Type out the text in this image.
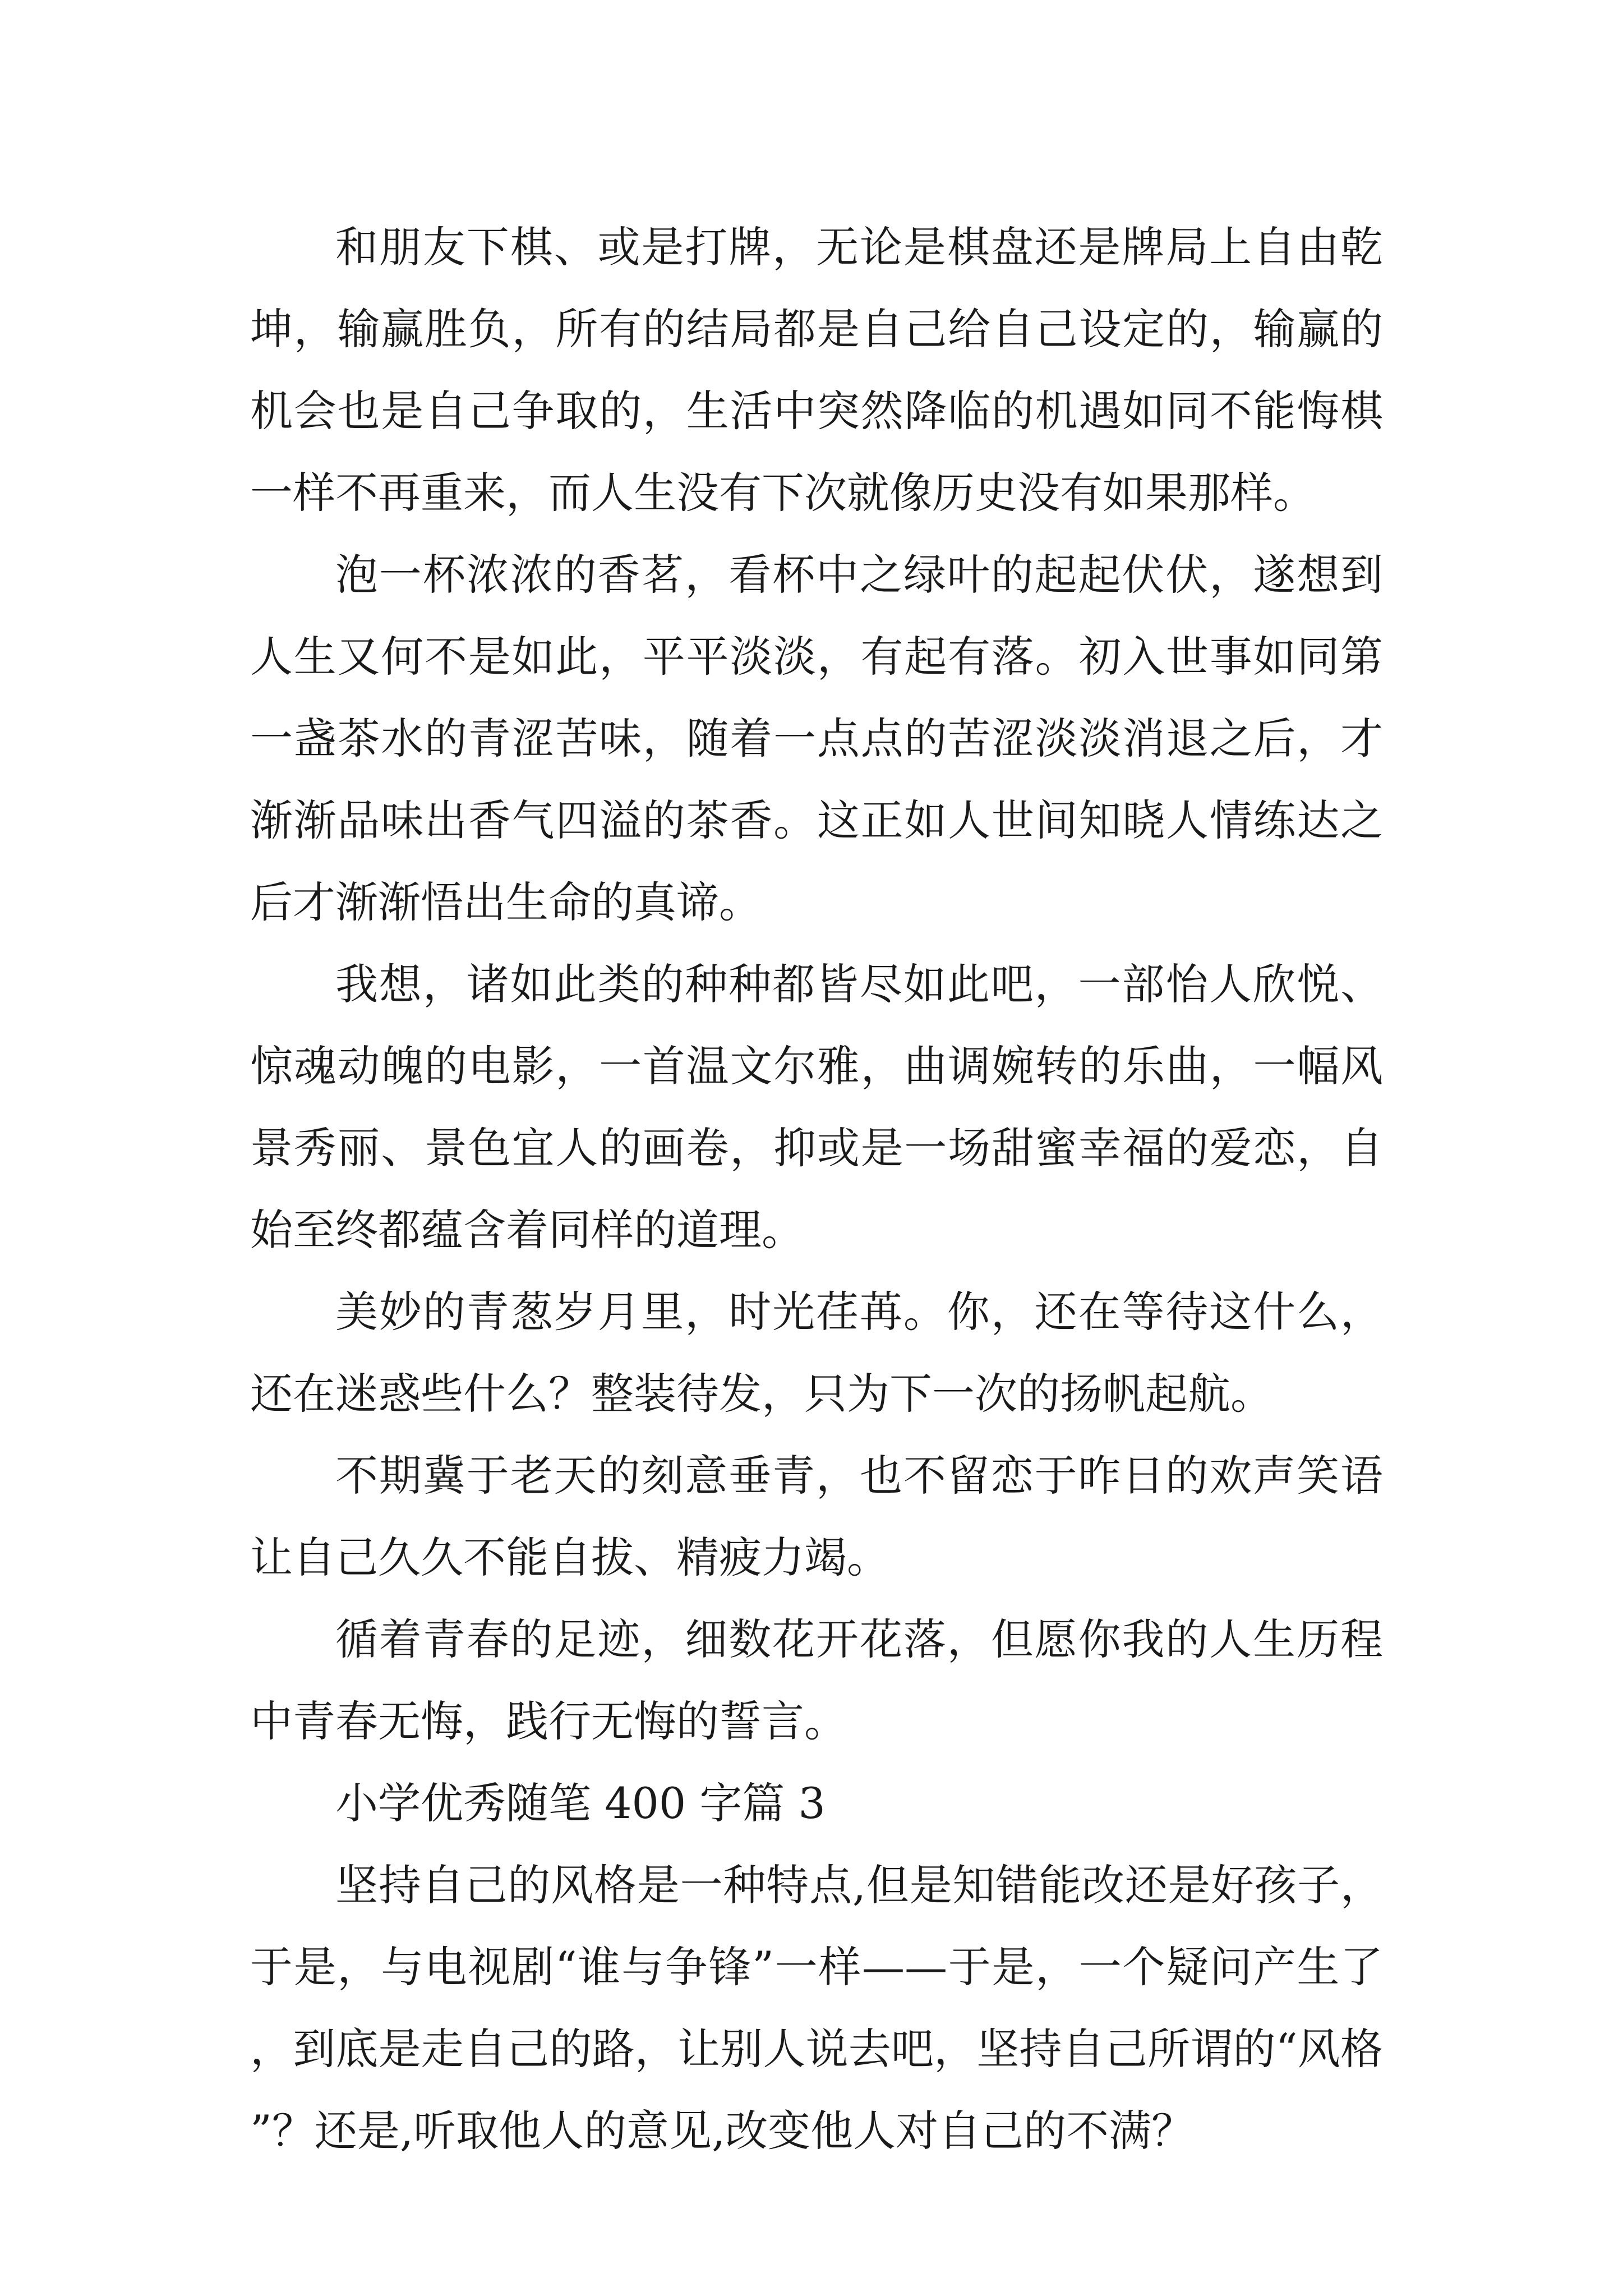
和朋友下棋、或是打牌，无论是棋盘还是牌局上自由乾坤，输赢胜负，所有的结局都是自己给自己设定的，输赢的机会也是自己争取的，生活中突然降临的机遇如同不能悔棋一样不再重来，而人生没有下次就像历史没有如果那样。

泡一杯浓浓的香茗，看杯中之绿叶的起起伏伏，遂想到人生又何不是如此，平平淡淡，有起有落。初入世事如同第一盏茶水的青涩苦味，随着一点点的苦涩淡淡消退之后，才渐渐品味出香气四溢的茶香。这正如人世间知晓人情练达之后才渐渐悟出生命的真谛。

我想，诸如此类的种种都皆尽如此吧，一部怡人欣悦、惊魂动魄的电影，一首温文尔雅，曲调婉转的乐曲，一幅风景秀丽、景色宜人的画卷，抑或是一场甜蜜幸福的爱恋，自始至终都蕴含着同样的道理。

美妙的青葱岁月里，时光荏苒。你，还在等待这什么，还在迷惑些什么？整装待发，只为下一次的扬帆起航。

不期冀于老天的刻意垂青，也不留恋于昨日的欢声笑语让自己久久不能自拔、精疲力竭。

循着青春的足迹，细数花开花落，但愿你我的人生历程中青春无悔，践行无悔的誓言。

小学优秀随笔 400 字篇 3

坚持自己的风格是一种特点,但是知错能改还是好孩子，于是，与电视剧“谁与争锋”一样——于是，一个疑问产生了，到底是走自己的路，让别人说去吧，坚持自己所谓的“风格”？还是,听取他人的意见,改变他人对自己的不满？
